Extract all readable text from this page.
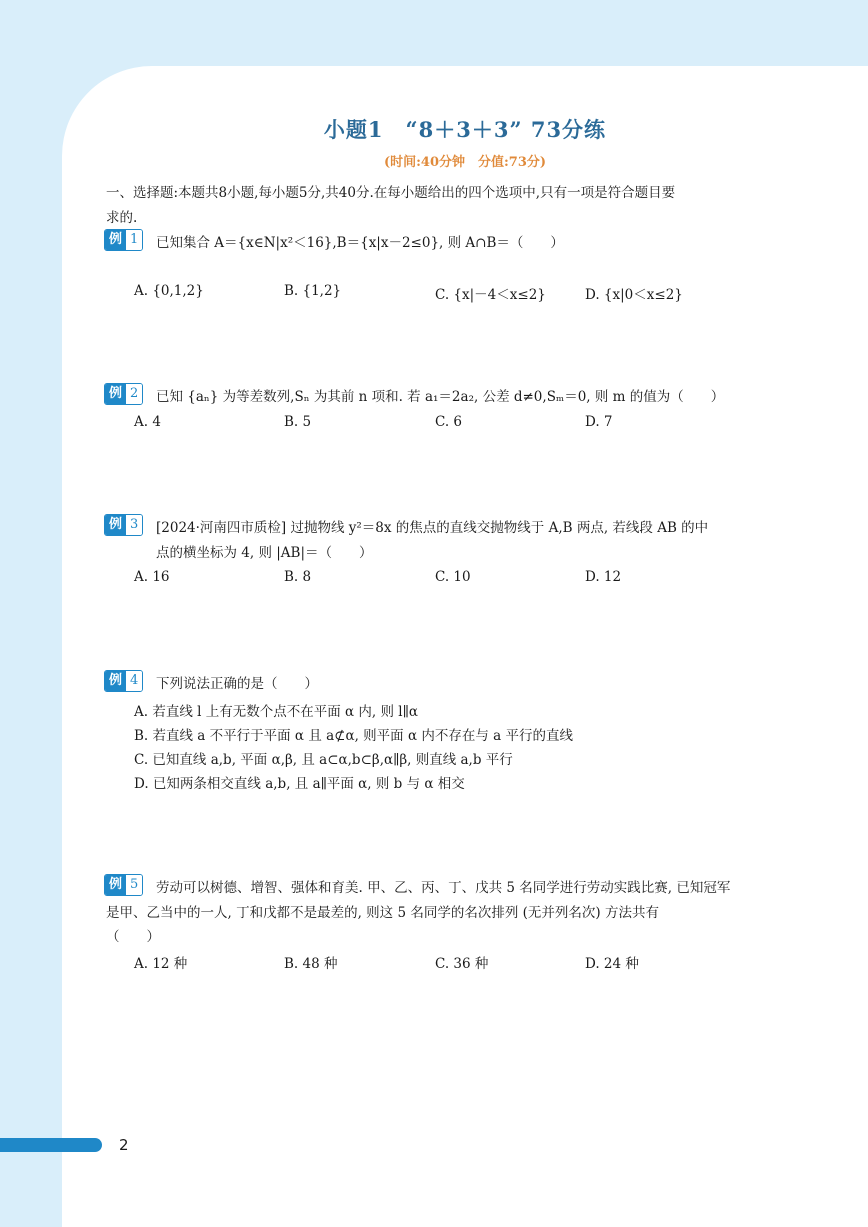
小题1　“8＋3＋3” 73分练
(时间:40分钟　分值:73分)
一、选择题:本题共8小题,每小题5分,共40分.在每小题给出的四个选项中,只有一项是符合题目要
求的.
例 1 已知集合 A＝{x∈N|x²＜16},B＝{x|x－2≤0}, 则 A∩B＝（　　）
A. {0,1,2}	B. {1,2}	C. {x|－4＜x≤2}	D. {x|0＜x≤2}
例 2 已知 {aₙ} 为等差数列,Sₙ 为其前 n 项和. 若 a₁＝2a₂, 公差 d≠0,Sₘ＝0, 则 m 的值为（　　）
A. 4	B. 5	C. 6	D. 7
例 3 [2024·河南四市质检] 过抛物线 y²＝8x 的焦点的直线交抛物线于 A,B 两点, 若线段 AB 的中
点的横坐标为 4, 则 |AB|＝（　　）
A. 16	B. 8	C. 10	D. 12
例 4 下列说法正确的是（　　）
A. 若直线 l 上有无数个点不在平面 α 内, 则 l∥α
B. 若直线 a 不平行于平面 α 且 a⊄α, 则平面 α 内不存在与 a 平行的直线
C. 已知直线 a,b, 平面 α,β, 且 a⊂α,b⊂β,α∥β, 则直线 a,b 平行
D. 已知两条相交直线 a,b, 且 a∥平面 α, 则 b 与 α 相交
例 5 劳动可以树德、增智、强体和育美. 甲、乙、丙、丁、戊共 5 名同学进行劳动实践比赛, 已知冠军
是甲、乙当中的一人, 丁和戊都不是最差的, 则这 5 名同学的名次排列 (无并列名次) 方法共有
（　　）
A. 12 种	B. 48 种	C. 36 种	D. 24 种
2
